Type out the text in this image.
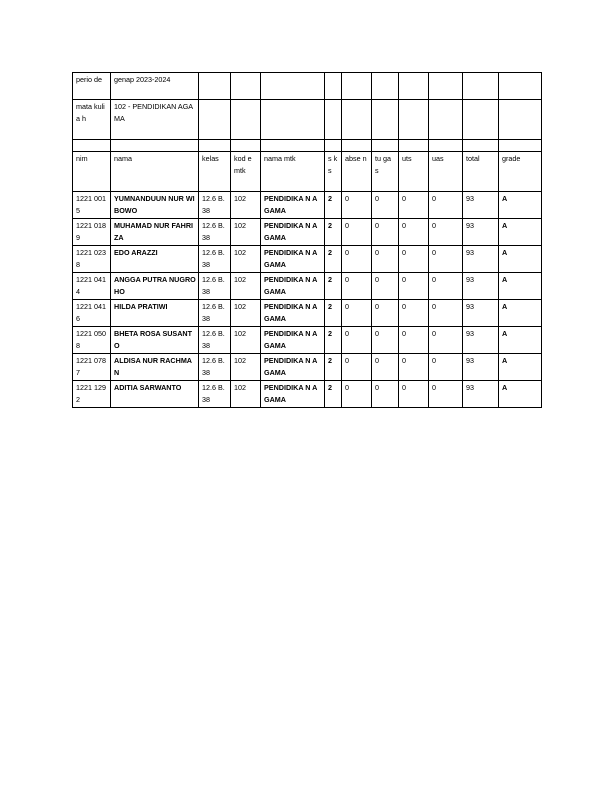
perio de	genap 2023-2024										
mata kulia h	102 - PENDIDIKAN AGAMA										

nim	nama	kelas	kod e mtk	nama mtk	s k s	abse n	tu ga s	uts	uas	total	grade
1221 0015	YUMNANDUUN NUR WIBOWO	12.6 B.38	102	PENDIDIKA N AGAMA	2	0	0	0	0	93	A
1221 0189	MUHAMAD NUR FAHRIZA	12.6 B.38	102	PENDIDIKA N AGAMA	2	0	0	0	0	93	A
1221 0238	EDO ARAZZI	12.6 B.38	102	PENDIDIKA N AGAMA	2	0	0	0	0	93	A
1221 0414	ANGGA PUTRA NUGROHO	12.6 B.38	102	PENDIDIKA N AGAMA	2	0	0	0	0	93	A
1221 0416	HILDA PRATIWI	12.6 B.38	102	PENDIDIKA N AGAMA	2	0	0	0	0	93	A
1221 0508	BHETA ROSA SUSANTO	12.6 B.38	102	PENDIDIKA N AGAMA	2	0	0	0	0	93	A
1221 0787	ALDISA NUR RACHMAN	12.6 B.38	102	PENDIDIKA N AGAMA	2	0	0	0	0	93	A
1221 1292	ADITIA SARWANTO	12.6 B.38	102	PENDIDIKA N AGAMA	2	0	0	0	0	93	A
